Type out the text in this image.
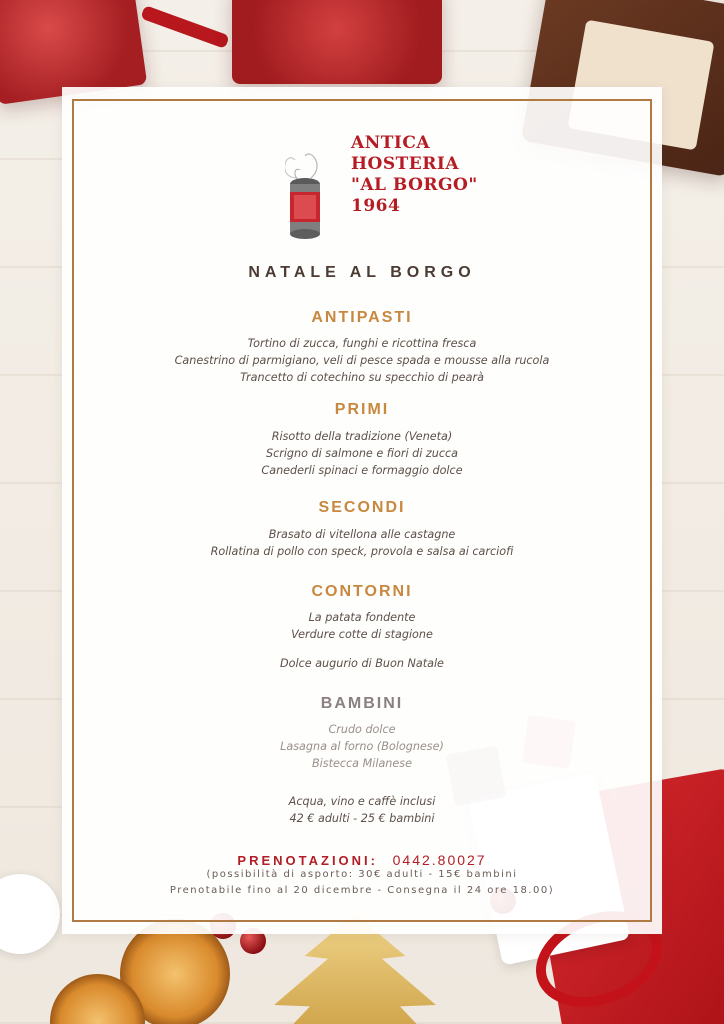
ANTICA
HOSTERIA
"AL BORGO"
1964
NATALE AL BORGO
ANTIPASTI
Tortino di zucca, funghi e ricottina fresca
Canestrino di parmigiano, veli di pesce spada e mousse alla rucola
Trancetto di cotechino su specchio di pearà
PRIMI
Risotto della tradizione (Veneta)
Scrigno di salmone e fiori di zucca
Canederli spinaci e formaggio dolce
SECONDI
Brasato di vitellona alle castagne
Rollatina di pollo con speck, provola e salsa ai carciofi
CONTORNI
La patata fondente
Verdure cotte di stagione
Dolce augurio di Buon Natale
BAMBINI
Crudo dolce
Lasagna al forno (Bolognese)
Bistecca Milanese
Acqua, vino e caffè inclusi
42 € adulti - 25 € bambini
PRENOTAZIONI: 0442.80027
(possibilità di asporto: 30€ adulti - 15€ bambini
Prenotabile fino al 20 dicembre - Consegna il 24 ore 18.00)
